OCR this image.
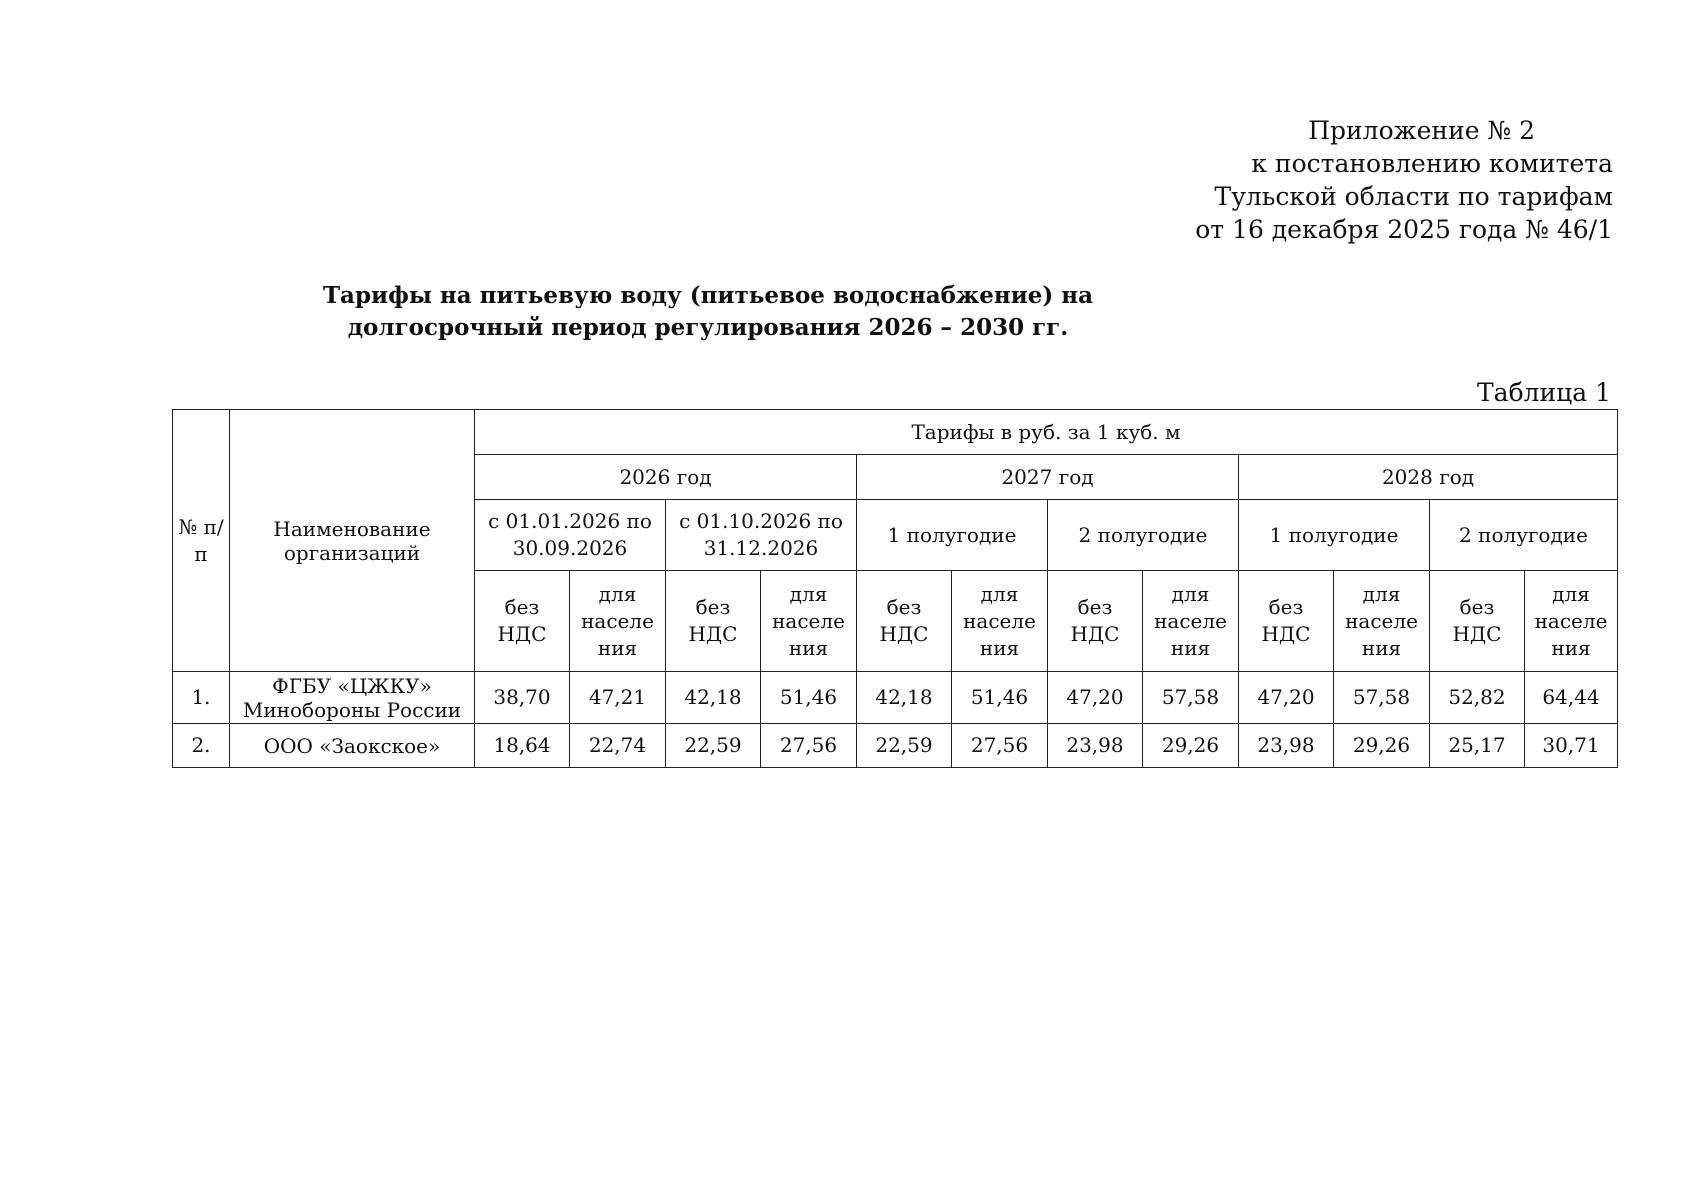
Приложение № 2
к постановлению комитета
Тульской области по тарифам
от 16 декабря 2025 года № 46/1
Тарифы на питьевую воду (питьевое водоснабжение) на
долгосрочный период регулирования 2026 – 2030 гг.
Таблица 1
№ п/п	Наименование организаций	Тарифы в руб. за 1 куб. м											
		2026 год				2027 год				2028 год			
		с 01.01.2026 по 30.09.2026		с 01.10.2026 по 31.12.2026		1 полугодие		2 полугодие		1 полугодие		2 полугодие	
		без НДС	для населе ния	без НДС	для населе ния	без НДС	для населе ния	без НДС	для населе ния	без НДС	для населе ния	без НДС	для населе ния
1.	ФГБУ «ЦЖКУ» Минобороны России	38,70	47,21	42,18	51,46	42,18	51,46	47,20	57,58	47,20	57,58	52,82	64,44
2.	ООО «Заокское»	18,64	22,74	22,59	27,56	22,59	27,56	23,98	29,26	23,98	29,26	25,17	30,71
